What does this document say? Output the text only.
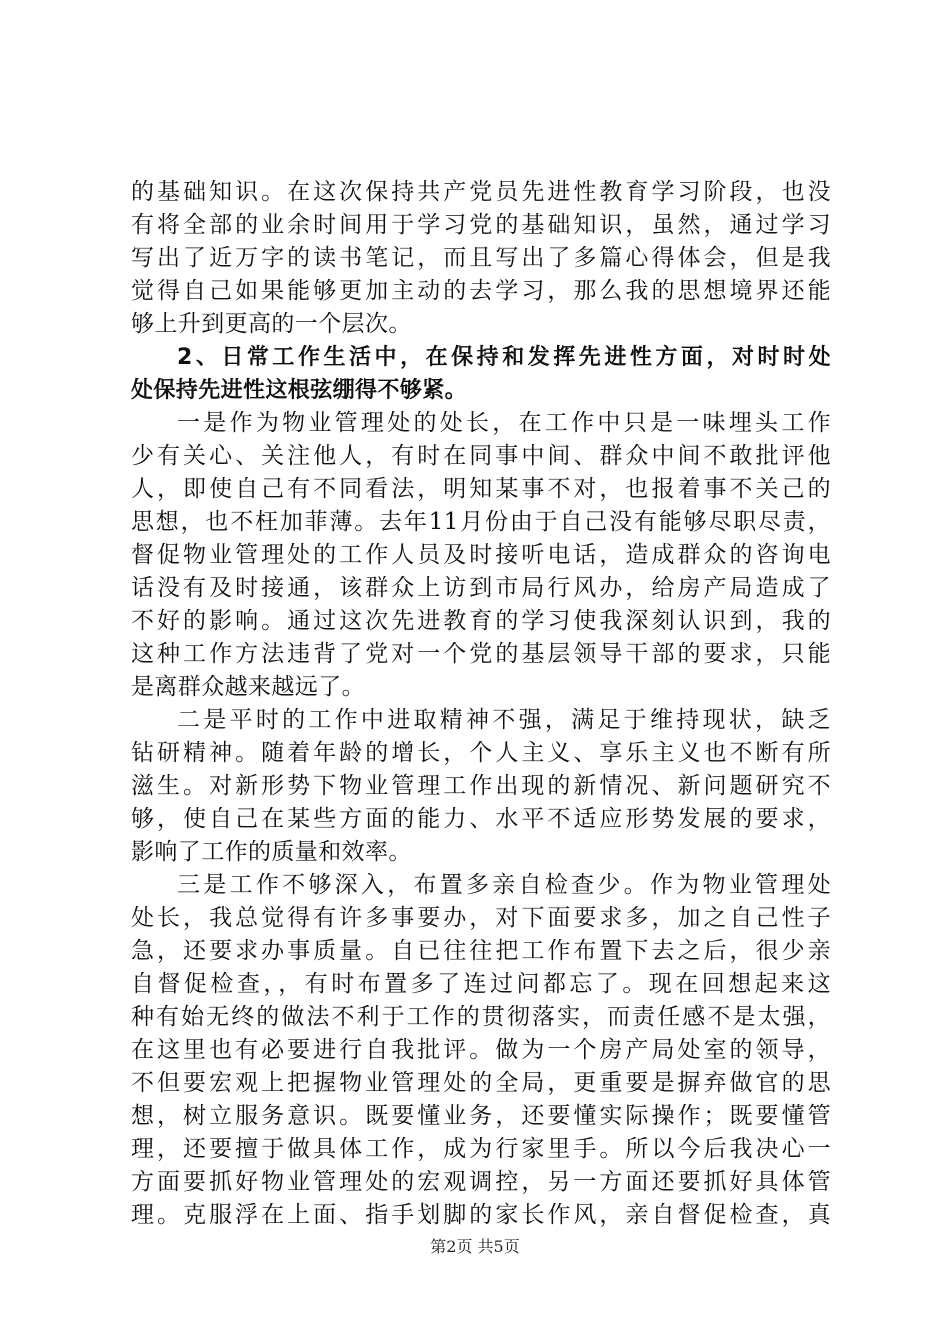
的基础知识。在这次保持共产党员先进性教育学习阶段，也没
有将全部的业余时间用于学习党的基础知识，虽然，通过学习
写出了近万字的读书笔记，而且写出了多篇心得体会，但是我
觉得自己如果能够更加主动的去学习，那么我的思想境界还能
够上升到更高的一个层次。
2、日常工作生活中，在保持和发挥先进性方面，对时时处
处保持先进性这根弦绷得不够紧。
一是作为物业管理处的处长，在工作中只是一味埋头工作
少有关心、关注他人，有时在同事中间、群众中间不敢批评他
人，即使自己有不同看法，明知某事不对，也报着事不关己的
思想，也不枉加菲薄。去年11月份由于自己没有能够尽职尽责，
督促物业管理处的工作人员及时接听电话，造成群众的咨询电
话没有及时接通，该群众上访到市局行风办，给房产局造成了
不好的影响。通过这次先进教育的学习使我深刻认识到，我的
这种工作方法违背了党对一个党的基层领导干部的要求，只能
是离群众越来越远了。
二是平时的工作中进取精神不强，满足于维持现状，缺乏
钻研精神。随着年龄的增长，个人主义、享乐主义也不断有所
滋生。对新形势下物业管理工作出现的新情况、新问题研究不
够，使自己在某些方面的能力、水平不适应形势发展的要求，
影响了工作的质量和效率。
三是工作不够深入，布置多亲自检查少。作为物业管理处
处长，我总觉得有许多事要办，对下面要求多，加之自己性子
急，还要求办事质量。自已往往把工作布置下去之后，很少亲
自督促检查，，有时布置多了连过问都忘了。现在回想起来这
种有始无终的做法不利于工作的贯彻落实，而责任感不是太强，
在这里也有必要进行自我批评。做为一个房产局处室的领导，
不但要宏观上把握物业管理处的全局，更重要是摒弃做官的思
想，树立服务意识。既要懂业务，还要懂实际操作；既要懂管
理，还要擅于做具体工作，成为行家里手。所以今后我决心一
方面要抓好物业管理处的宏观调控，另一方面还要抓好具体管
理。克服浮在上面、指手划脚的家长作风，亲自督促检查，真
第2页 共5页
